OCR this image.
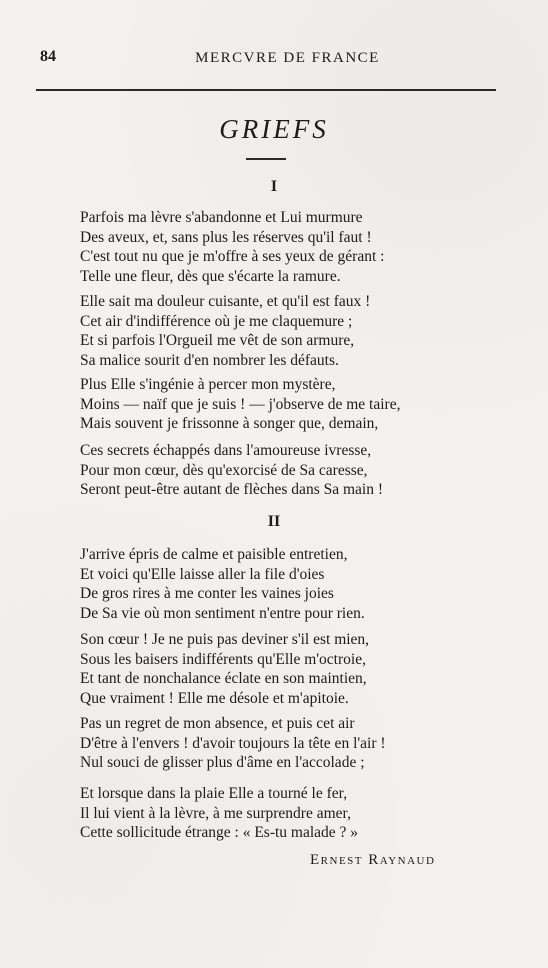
84	MERCVRE DE FRANCE
GRIEFS
I
Parfois ma lèvre s'abandonne et Lui murmure
Des aveux, et, sans plus les réserves qu'il faut !
C'est tout nu que je m'offre à ses yeux de gérant :
Telle une fleur, dès que s'écarte la ramure.
Elle sait ma douleur cuisante, et qu'il est faux !
Cet air d'indifférence où je me claquemure ;
Et si parfois l'Orgueil me vêt de son armure,
Sa malice sourit d'en nombrer les défauts.
Plus Elle s'ingénie à percer mon mystère,
Moins — naïf que je suis ! — j'observe de me taire,
Mais souvent je frissonne à songer que, demain,
Ces secrets échappés dans l'amoureuse ivresse,
Pour mon cœur, dès qu'exorcisé de Sa caresse,
Seront peut-être autant de flèches dans Sa main !
II
J'arrive épris de calme et paisible entretien,
Et voici qu'Elle laisse aller la file d'oies
De gros rires à me conter les vaines joies
De Sa vie où mon sentiment n'entre pour rien.
Son cœur ! Je ne puis pas deviner s'il est mien,
Sous les baisers indifférents qu'Elle m'octroie,
Et tant de nonchalance éclate en son maintien,
Que vraiment ! Elle me désole et m'apitoie.
Pas un regret de mon absence, et puis cet air
D'être à l'envers ! d'avoir toujours la tête en l'air !
Nul souci de glisser plus d'âme en l'accolade ;
Et lorsque dans la plaie Elle a tourné le fer,
Il lui vient à la lèvre, à me surprendre amer,
Cette sollicitude étrange : « Es-tu malade ? »
Ernest Raynaud
